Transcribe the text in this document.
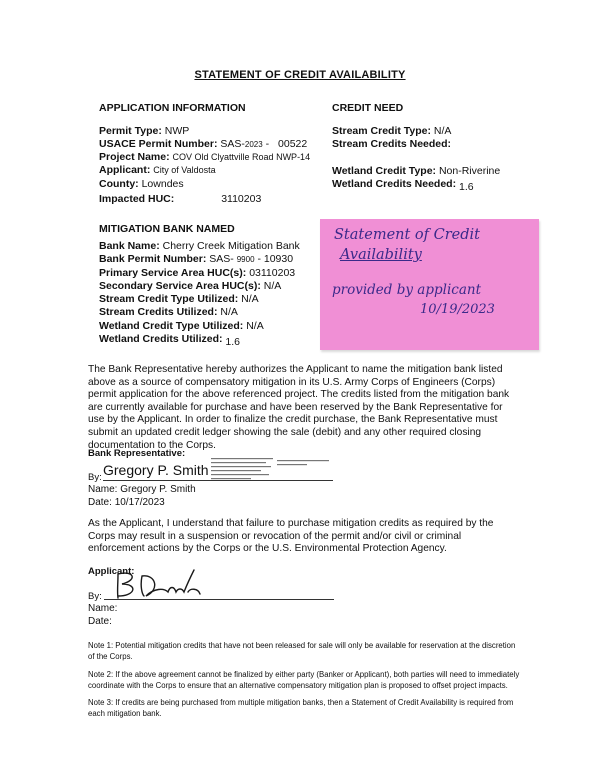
STATEMENT OF CREDIT AVAILABILITY
APPLICATION INFORMATION
Permit Type: NWP
USACE Permit Number: SAS-2023 - 00522
Project Name: COV Old Clyattville Road NWP-14
Applicant: City of Valdosta
County: Lowndes
Impacted HUC:	3110203
CREDIT NEED
Stream Credit Type: N/A
Stream Credits Needed:
Wetland Credit Type: Non-Riverine
Wetland Credits Needed: 1.6
MITIGATION BANK NAMED
Bank Name: Cherry Creek Mitigation Bank
Bank Permit Number: SAS- 9900 - 10930
Primary Service Area HUC(s): 03110203
Secondary Service Area HUC(s): N/A
Stream Credit Type Utilized: N/A
Stream Credits Utilized: N/A
Wetland Credit Type Utilized: N/A
Wetland Credits Utilized: 1.6
Statement of Credit
Availability
provided by applicant
10/19/2023
The Bank Representative hereby authorizes the Applicant to name the mitigation bank listed above as a source of compensatory mitigation in its U.S. Army Corps of Engineers (Corps) permit application for the above referenced project. The credits listed from the mitigation bank are currently available for purchase and have been reserved by the Bank Representative for use by the Applicant. In order to finalize the credit purchase, the Bank Representative must submit an updated credit ledger showing the sale (debit) and any other required closing documentation to the Corps.
Bank Representative:
By: Gregory P. Smith
Name: Gregory P. Smith
Date: 10/17/2023
As the Applicant, I understand that failure to purchase mitigation credits as required by the Corps may result in a suspension or revocation of the permit and/or civil or criminal enforcement actions by the Corps or the U.S. Environmental Protection Agency.
Applicant:
By:
Name:
Date:
Note 1: Potential mitigation credits that have not been released for sale will only be available for reservation at the discretion of the Corps.
Note 2: If the above agreement cannot be finalized by either party (Banker or Applicant), both parties will need to immediately coordinate with the Corps to ensure that an alternative compensatory mitigation plan is proposed to offset project impacts.
Note 3: If credits are being purchased from multiple mitigation banks, then a Statement of Credit Availability is required from each mitigation bank.
